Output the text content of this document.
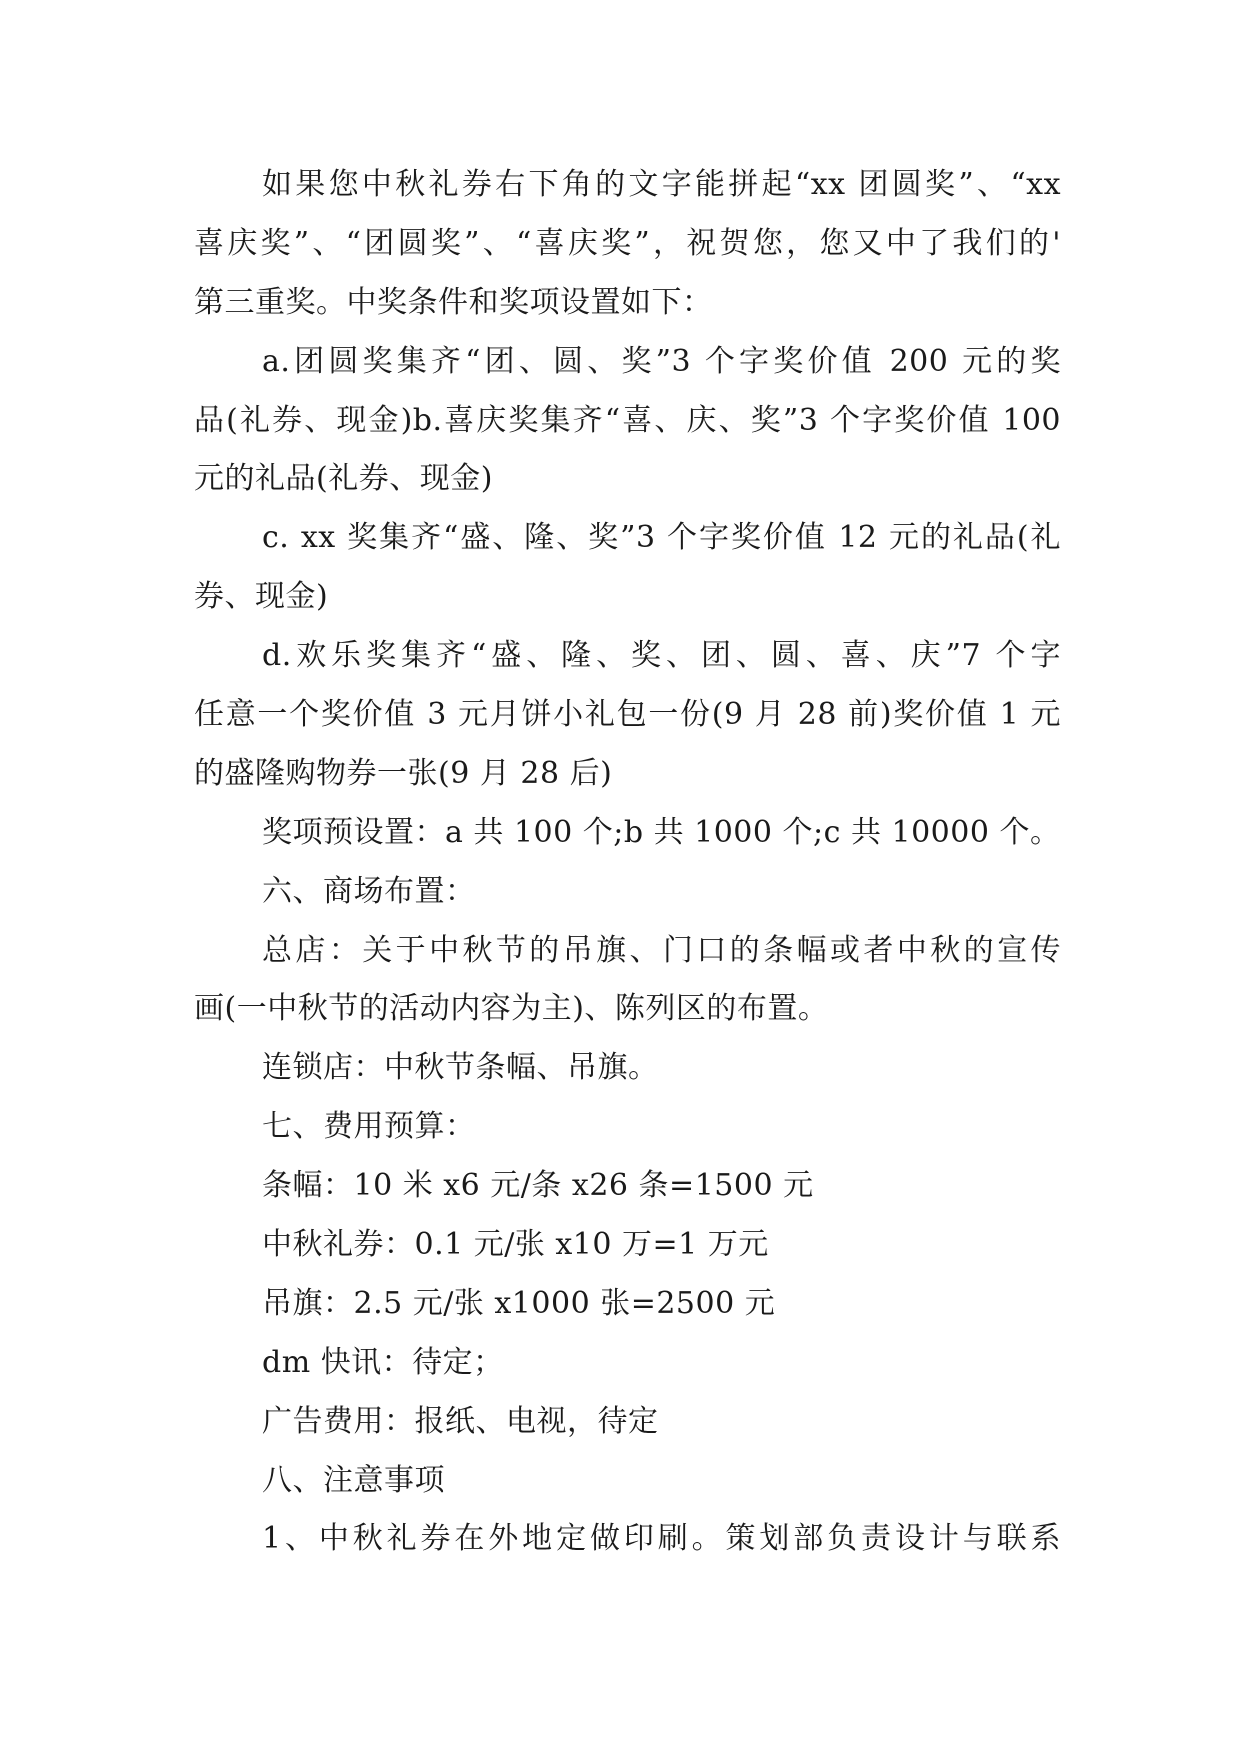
如果您中秋礼券右下角的文字能拼起“xx 团圆奖”、“xx
喜庆奖”、“团圆奖”、“喜庆奖”，祝贺您，您又中了我们的'
第三重奖。中奖条件和奖项设置如下：
a.团圆奖集齐“团、圆、奖”3 个字奖价值 200 元的奖
品(礼券、现金)b.喜庆奖集齐“喜、庆、奖”3 个字奖价值 100
元的礼品(礼券、现金)
c. xx 奖集齐“盛、隆、奖”3 个字奖价值 12 元的礼品(礼
券、现金)
d.欢乐奖集齐“盛、隆、奖、团、圆、喜、庆”7 个字
任意一个奖价值 3 元月饼小礼包一份(9 月 28 前)奖价值 1 元
的盛隆购物券一张(9 月 28 后)
奖项预设置：a 共 100 个;b 共 1000 个;c 共 10000 个。
六、商场布置：
总店：关于中秋节的吊旗、门口的条幅或者中秋的宣传
画(一中秋节的活动内容为主)、陈列区的布置。
连锁店：中秋节条幅、吊旗。
七、费用预算：
条幅：10 米 x6 元/条 x26 条=1500 元
中秋礼券：0.1 元/张 x10 万=1 万元
吊旗：2.5 元/张 x1000 张=2500 元
dm 快讯：待定；
广告费用：报纸、电视，待定
八、注意事项
1、中秋礼券在外地定做印刷。策划部负责设计与联系
